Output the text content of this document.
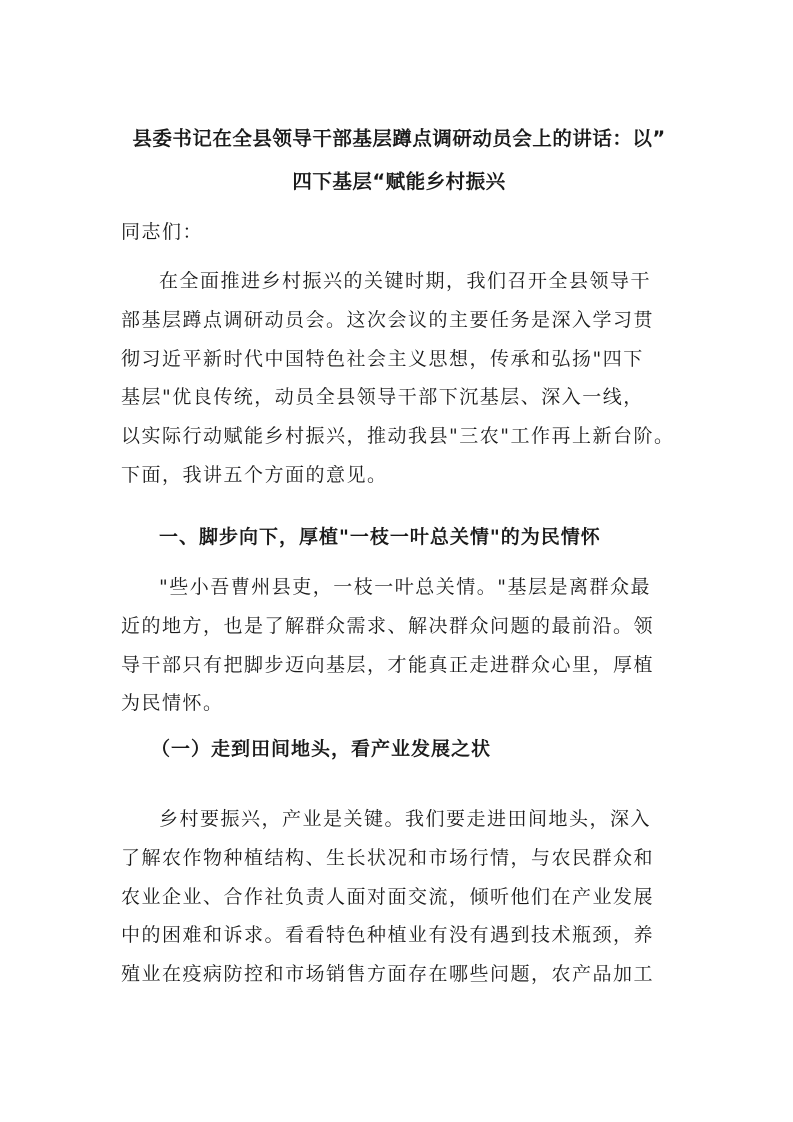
县委书记在全县领导干部基层蹲点调研动员会上的讲话：以”
四下基层“赋能乡村振兴

同志们：

在全面推进乡村振兴的关键时期，我们召开全县领导干
部基层蹲点调研动员会。这次会议的主要任务是深入学习贯
彻习近平新时代中国特色社会主义思想，传承和弘扬"四下
基层"优良传统，动员全县领导干部下沉基层、深入一线，
以实际行动赋能乡村振兴，推动我县"三农"工作再上新台阶。
下面，我讲五个方面的意见。

一、脚步向下，厚植"一枝一叶总关情"的为民情怀

"些小吾曹州县吏，一枝一叶总关情。"基层是离群众最
近的地方，也是了解群众需求、解决群众问题的最前沿。领
导干部只有把脚步迈向基层，才能真正走进群众心里，厚植
为民情怀。

（一）走到田间地头，看产业发展之状

乡村要振兴，产业是关键。我们要走进田间地头，深入
了解农作物种植结构、生长状况和市场行情，与农民群众和
农业企业、合作社负责人面对面交流，倾听他们在产业发展
中的困难和诉求。看看特色种植业有没有遇到技术瓶颈，养
殖业在疫病防控和市场销售方面存在哪些问题，农产品加工
